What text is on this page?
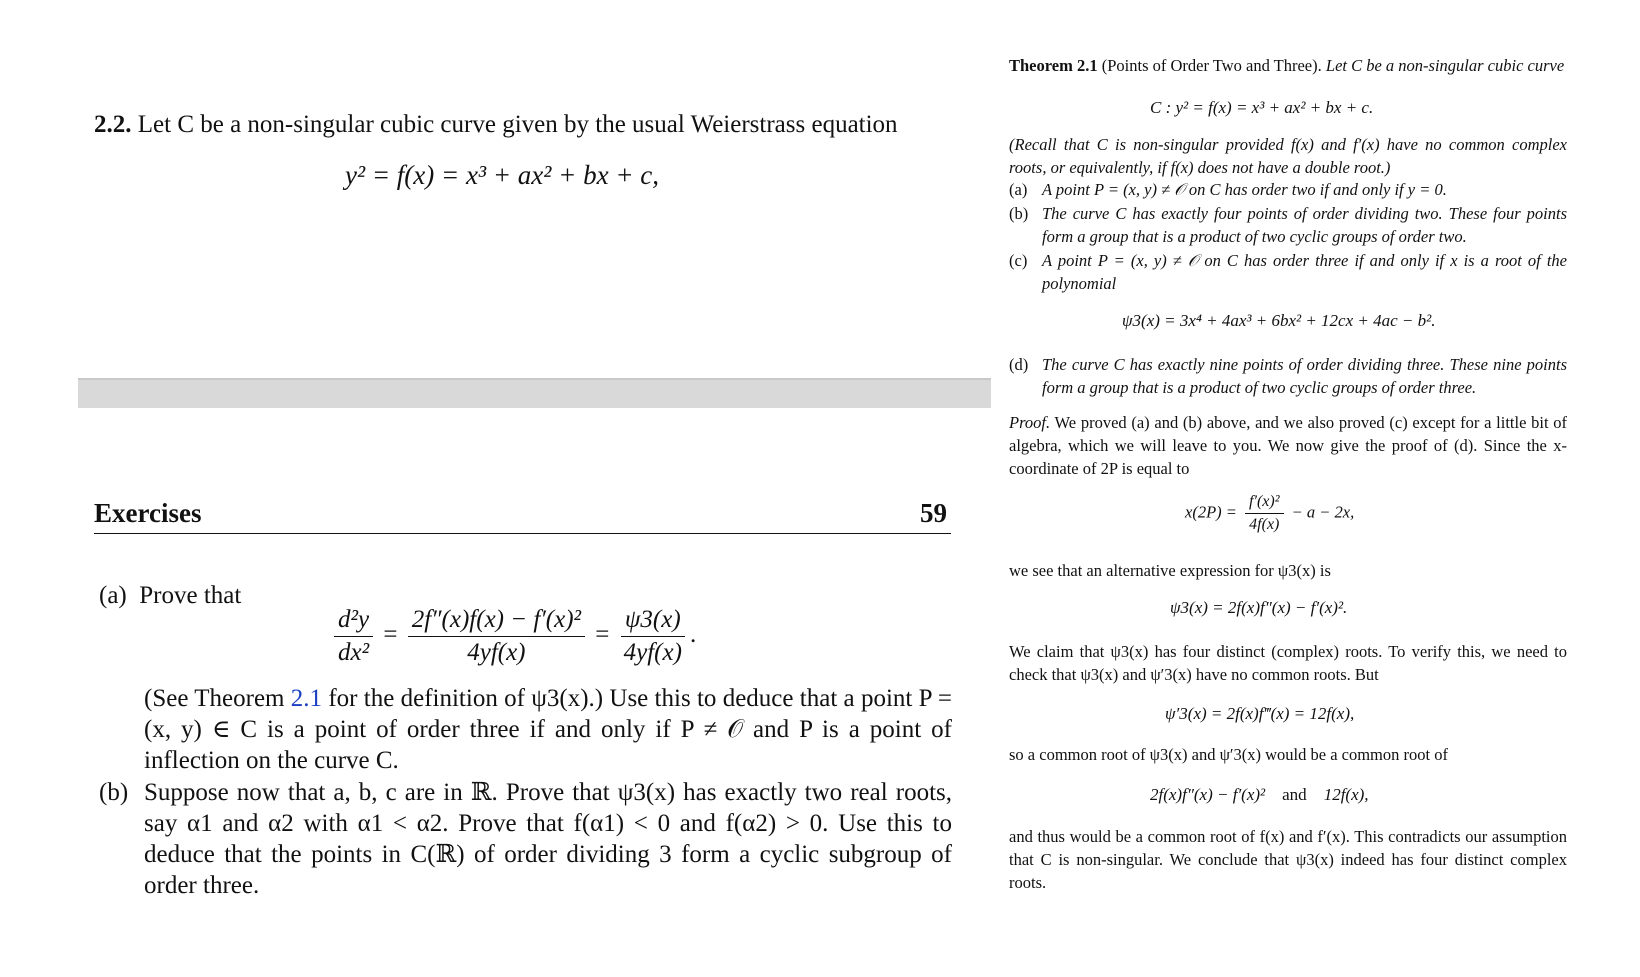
2.2. Let C be a non-singular cubic curve given by the usual Weierstrass equation
y² = f(x) = x³ + ax² + bx + c,
Exercises	59
(a) Prove that
$\frac{\text{d²y}}{\text{dx²}} = \frac{\text{2f″(x)f(x) − f′(x)²}}{4yf(x)} = \frac{\psi 3(x)}{4yf(x)}$ .
(See Theorem 2.1 for the definition of ψ3(x).) Use this to deduce that a point P = (x, y) ∈ C is a point of order three if and only if P ≠ 𝒪 and P is a point of inflection on the curve C.
(b) Suppose now that a, b, c are in ℝ. Prove that ψ3(x) has exactly two real roots, say α1 and α2 with α1 < α2. Prove that f(α1) < 0 and f(α2) > 0. Use this to deduce that the points in C(ℝ) of order dividing 3 form a cyclic subgroup of order three.
Theorem 2.1 (Points of Order Two and Three). Let C be a non-singular cubic curve
C : y² = f(x) = x³ + ax² + bx + c.
(Recall that C is non-singular provided f(x) and f′(x) have no common complex roots, or equivalently, if f(x) does not have a double root.)
(a) A point P = (x, y) ≠ 𝒪 on C has order two if and only if y = 0.
(b) The curve C has exactly four points of order dividing two. These four points form a group that is a product of two cyclic groups of order two.
(c) A point P = (x, y) ≠ 𝒪 on C has order three if and only if x is a root of the polynomial
ψ3(x) = 3x⁴ + 4ax³ + 6bx² + 12cx + 4ac − b².
(d) The curve C has exactly nine points of order dividing three. These nine points form a group that is a product of two cyclic groups of order three.
Proof. We proved (a) and (b) above, and we also proved (c) except for a little bit of algebra, which we will leave to you. We now give the proof of (d). Since the x-coordinate of 2P is equal to
$x(2P) = \frac{\text{f′(x)²}}{4f(x)} - a - 2x$,
we see that an alternative expression for ψ3(x) is
ψ3(x) = 2f(x)f″(x) − f′(x)².
We claim that ψ3(x) has four distinct (complex) roots. To verify this, we need to check that ψ3(x) and ψ′3(x) have no common roots. But
ψ′3(x) = 2f(x)f‴(x) = 12f(x),
so a common root of ψ3(x) and ψ′3(x) would be a common root of
2f(x)f″(x) − f′(x)² and 12f(x),
and thus would be a common root of f(x) and f′(x). This contradicts our assumption that C is non-singular. We conclude that ψ3(x) indeed has four distinct complex roots.
